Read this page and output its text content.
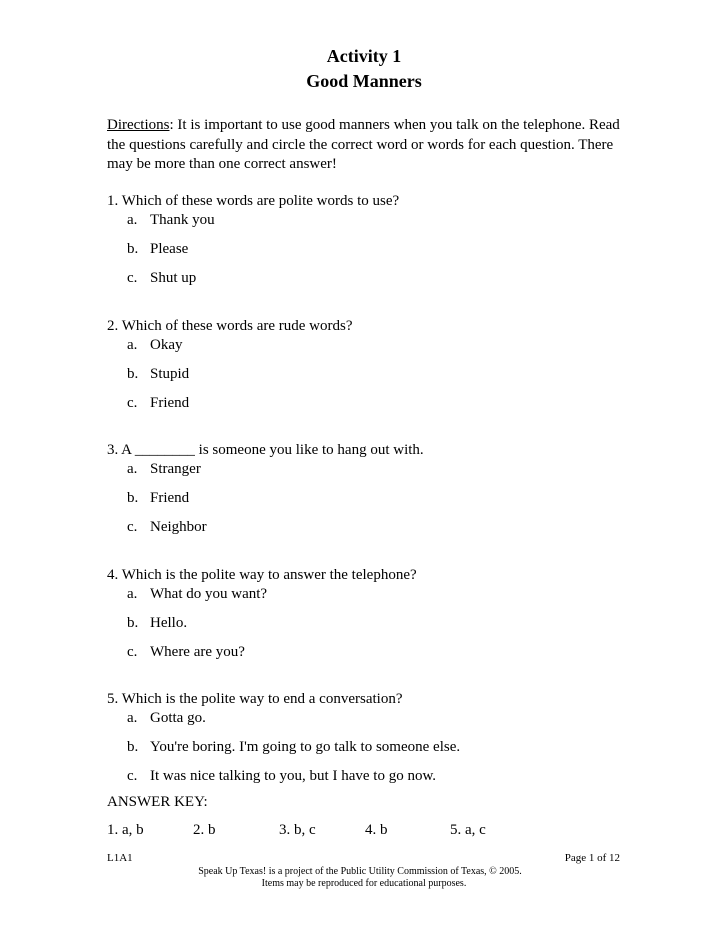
Activity 1
Good Manners
Directions: It is important to use good manners when you talk on the telephone. Read the questions carefully and circle the correct word or words for each question. There may be more than one correct answer!
1. Which of these words are polite words to use?
a. Thank you
b. Please
c. Shut up
2. Which of these words are rude words?
a. Okay
b. Stupid
c. Friend
3. A ________ is someone you like to hang out with.
a. Stranger
b. Friend
c. Neighbor
4. Which is the polite way to answer the telephone?
a. What do you want?
b. Hello.
c. Where are you?
5. Which is the polite way to end a conversation?
a. Gotta go.
b. You're boring. I'm going to go talk to someone else.
c. It was nice talking to you, but I have to go now.
ANSWER KEY:
1. a, b	2. b	3. b, c	4. b	5. a, c
L1A1	Page 1 of 12
Speak Up Texas! is a project of the Public Utility Commission of Texas, © 2005.
Items may be reproduced for educational purposes.
